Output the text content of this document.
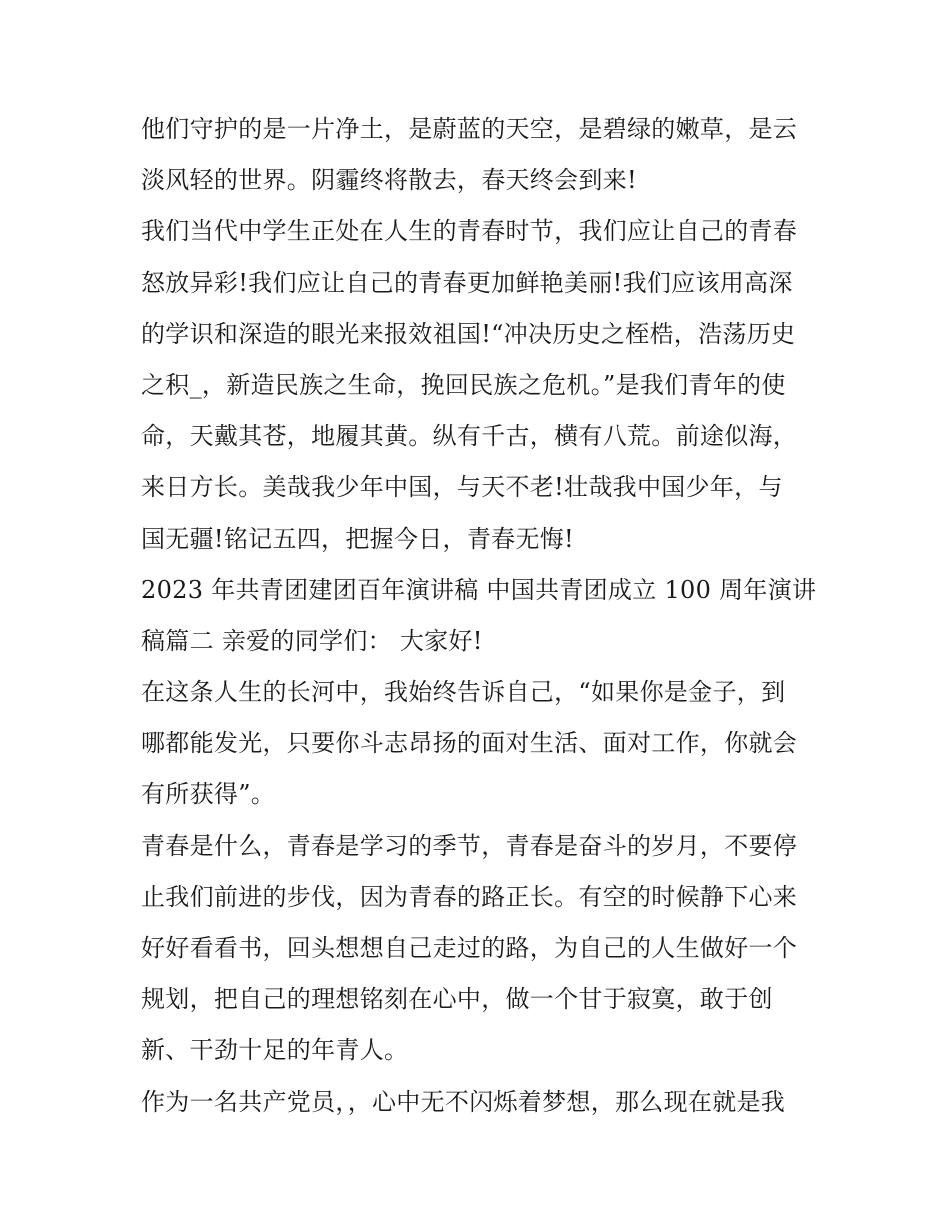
他们守护的是一片净土，是蔚蓝的天空，是碧绿的嫩草，是云
淡风轻的世界。阴霾终将散去，春天终会到来!
我们当代中学生正处在人生的青春时节，我们应让自己的青春
怒放异彩!我们应让自己的青春更加鲜艳美丽!我们应该用高深
的学识和深造的眼光来报效祖国!“冲决历史之桎梏，浩荡历史
之积_，新造民族之生命，挽回民族之危机。”是我们青年的使
命，天戴其苍，地履其黄。纵有千古，横有八荒。前途似海，
来日方长。美哉我少年中国，与天不老!壮哉我中国少年，与
国无疆!铭记五四，把握今日，青春无悔!
2023 年共青团建团百年演讲稿 中国共青团成立 100 周年演讲
稿篇二 亲爱的同学们： 大家好!
在这条人生的长河中，我始终告诉自己，“如果你是金子，到
哪都能发光，只要你斗志昂扬的面对生活、面对工作，你就会
有所获得”。
青春是什么，青春是学习的季节，青春是奋斗的岁月，不要停
止我们前进的步伐，因为青春的路正长。有空的时候静下心来
好好看看书，回头想想自己走过的路，为自己的人生做好一个
规划，把自己的理想铭刻在心中，做一个甘于寂寞，敢于创
新、干劲十足的年青人。
作为一名共产党员，，心中无不闪烁着梦想，那么现在就是我
